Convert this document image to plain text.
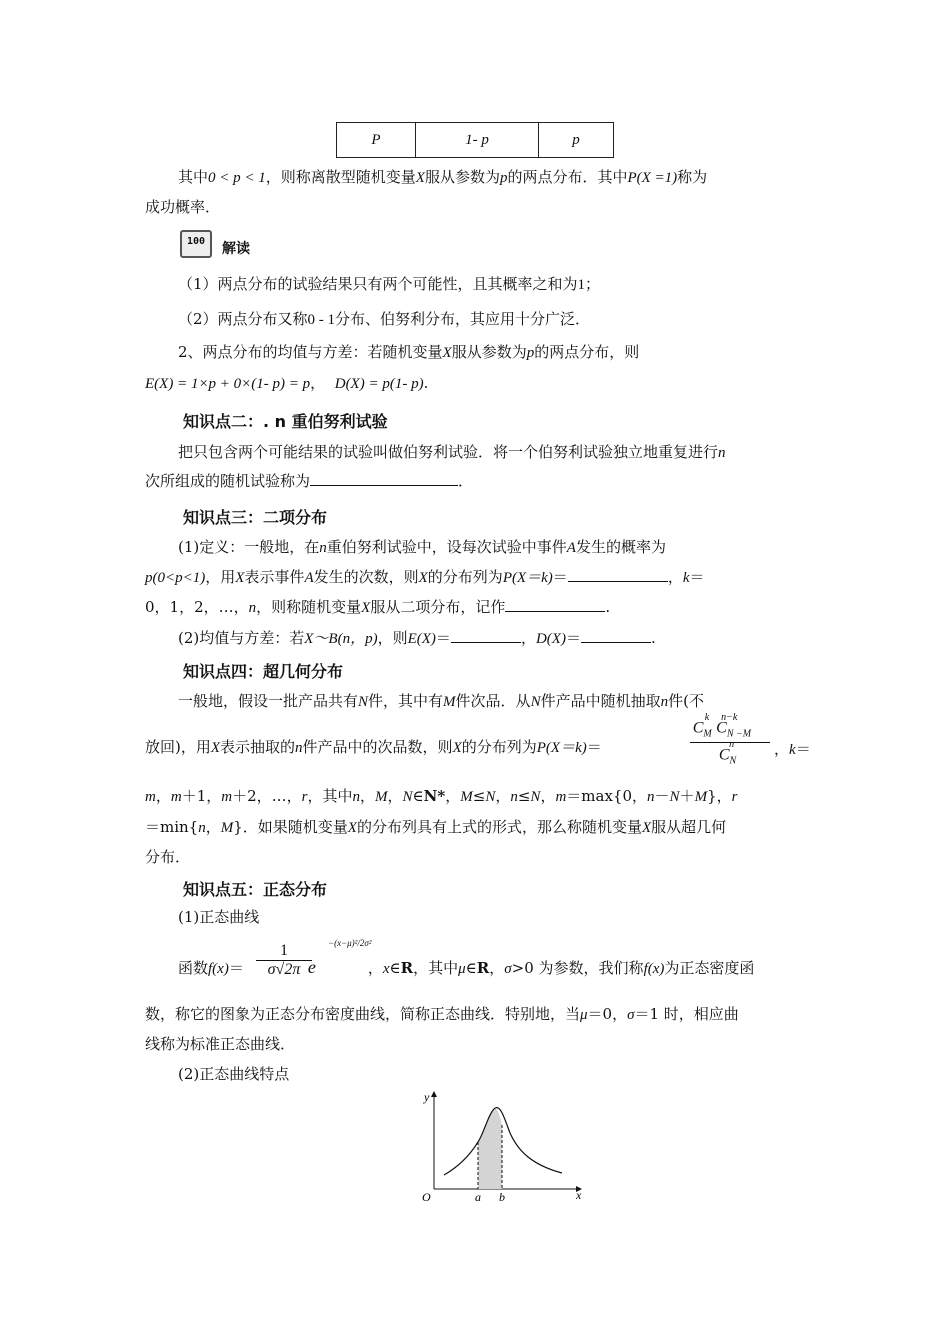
P	1- p	p
其中0 < p < 1，则称离散型随机变量X服从参数为p的两点分布．其中P(X =1)称为
成功概率．
100	解读
（1）两点分布的试验结果只有两个可能性，且其概率之和为1；
（2）两点分布又称0 - 1分布、伯努利分布，其应用十分广泛．
2、两点分布的均值与方差：若随机变量X服从参数为p的两点分布，则
E(X) = 1×p + 0×(1- p) = p， D(X) = p(1- p).
知识点二：. n 重伯努利试验
把只包含两个可能结果的试验叫做伯努利试验．将一个伯努利试验独立地重复进行n
次所组成的随机试验称为	．
知识点三：二项分布
(1)定义：一般地，在n重伯努利试验中，设每次试验中事件A发生的概率为
p(0<p<1)，用X表示事件A发生的次数，则X的分布列为P(X＝k)＝	，k＝
0，1，2，…，n，则称随机变量X服从二项分布，记作	.
(2)均值与方差：若X～B(n，p)，则E(X)＝	，D(X)＝	.
知识点四：超几何分布
一般地，假设一批产品共有N件，其中有M件次品．从N件产品中随机抽取n件(不
放回)，用X表示抽取的n件产品中的次品数，则X的分布列为P(X＝k)＝
$C_M^kC_{N -M}^{n-k}$
$C_N^n$	，k＝
m，m＋1，m＋2，…，r，其中n，M，N∈N*，M≤N，n≤N，m＝max{0，n－N＋M}，r
＝min{n，M}．如果随机变量X的分布列具有上式的形式，那么称随机变量X服从超几何
分布．
知识点五：正态分布
(1)正态曲线
函数f(x)＝	e	，x∈R，其中μ∈R，σ>0 为参数，我们称f(x)为正态密度函
1
σ√2π
−(x−μ)²/2σ²
数，称它的图象为正态分布密度曲线，简称正态曲线．特别地，当μ＝0，σ＝1 时，相应曲
线称为标准正态曲线．
(2)正态曲线特点
y
x
O	a b
